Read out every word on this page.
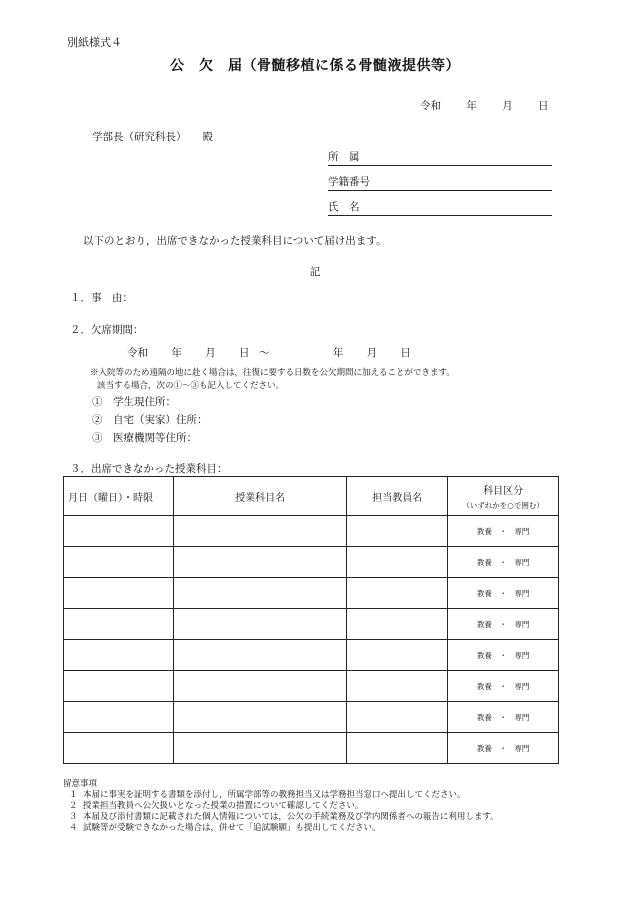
別紙様式４
公　欠　届（骨髄移植に係る骨髄液提供等）
令和 年 月 日
学部長（研究科長） 殿
所　属
学籍番号
氏　名
以下のとおり，出席できなかった授業科目について届け出ます。
記
１．事　由：
２．欠席期間：
令和 年 月 日 〜	年 月 日
※入院等のため遠隔の地に赴く場合は，往復に要する日数を公欠期間に加えることができます。
該当する場合，次の①〜③も記入してください。
①　学生現住所：
②　自宅（実家）住所：
③　医療機関等住所：
３．出席できなかった授業科目：
月日（曜日）・時限	授業科目名	担当教員名	科目区分
（いずれかを○で囲む）

			教養　・　専門
			教養　・　専門
			教養　・　専門
			教養　・　専門
			教養　・　専門
			教養　・　専門
			教養　・　専門
			教養　・　専門
留意事項
１ 本届に事実を証明する書類を添付し，所属学部等の教務担当又は学務担当窓口へ提出してください。
２ 授業担当教員へ公欠扱いとなった授業の措置について確認してください。
３ 本届及び添付書類に記載された個人情報については，公欠の手続業務及び学内関係者への報告に利用します。
４ 試験等が受験できなかった場合は，併せて「追試験願」も提出してください。
